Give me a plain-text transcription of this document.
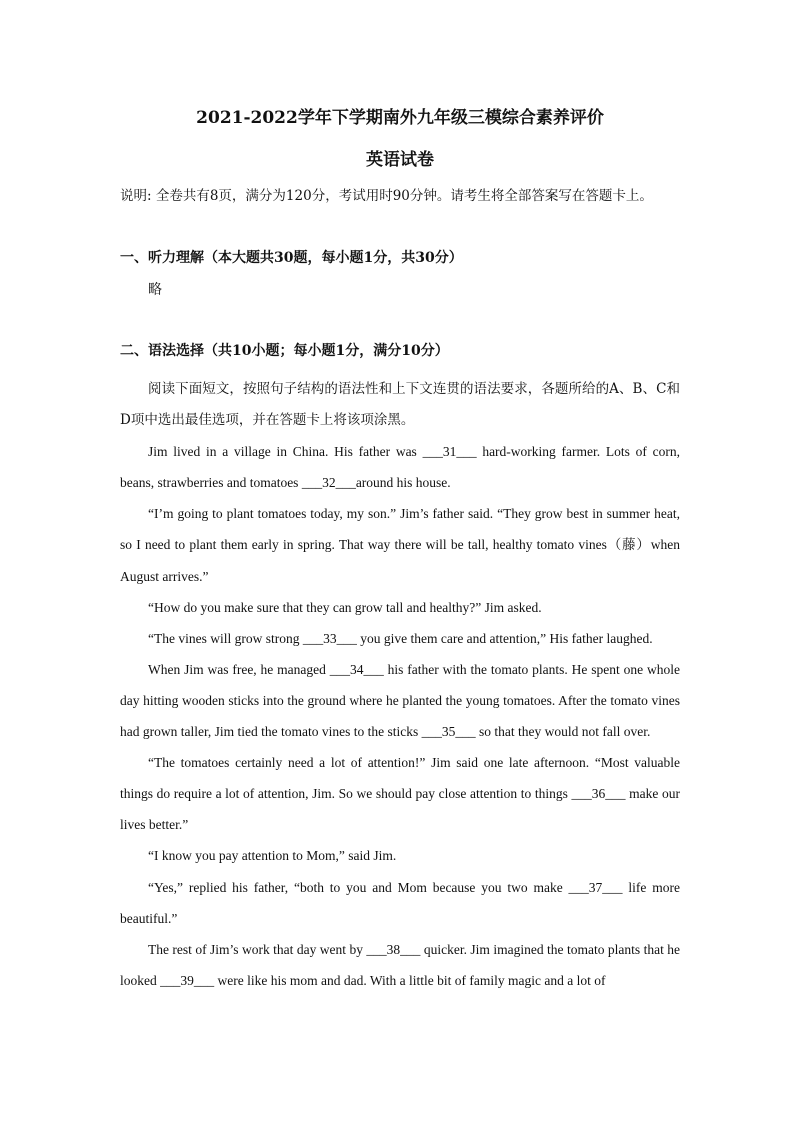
2021-2022学年下学期南外九年级三模综合素养评价
英语试卷
说明: 全卷共有8页，满分为120分，考试用时90分钟。请考生将全部答案写在答题卡上。
一、听力理解（本大题共30题，每小题1分，共30分）
略
二、语法选择（共10小题；每小题1分，满分10分）

阅读下面短文，按照句子结构的语法性和上下文连贯的语法要求，各题所给的A、B、C和D项中选出最佳选项，并在答题卡上将该项涂黑。

Jim lived in a village in China. His father was ___31___ hard-working farmer. Lots of corn, beans, strawberries and tomatoes ___32___around his house.

“I’m going to plant tomatoes today, my son.” Jim’s father said. “They grow best in summer heat, so I need to plant them early in spring. That way there will be tall, healthy tomato vines（藤）when August arrives.”

“How do you make sure that they can grow tall and healthy?” Jim asked.

“The vines will grow strong ___33___ you give them care and attention,” His father laughed.

When Jim was free, he managed ___34___ his father with the tomato plants. He spent one whole day hitting wooden sticks into the ground where he planted the young tomatoes. After the tomato vines had grown taller, Jim tied the tomato vines to the sticks ___35___ so that they would not fall over.

“The tomatoes certainly need a lot of attention!” Jim said one late afternoon. “Most valuable things do require a lot of attention, Jim. So we should pay close attention to things ___36___ make our lives better.”

“I know you pay attention to Mom,” said Jim.

“Yes,” replied his father, “both to you and Mom because you two make ___37___ life more beautiful.”

The rest of Jim’s work that day went by ___38___ quicker. Jim imagined the tomato plants that he looked ___39___ were like his mom and dad. With a little bit of family magic and a lot of
